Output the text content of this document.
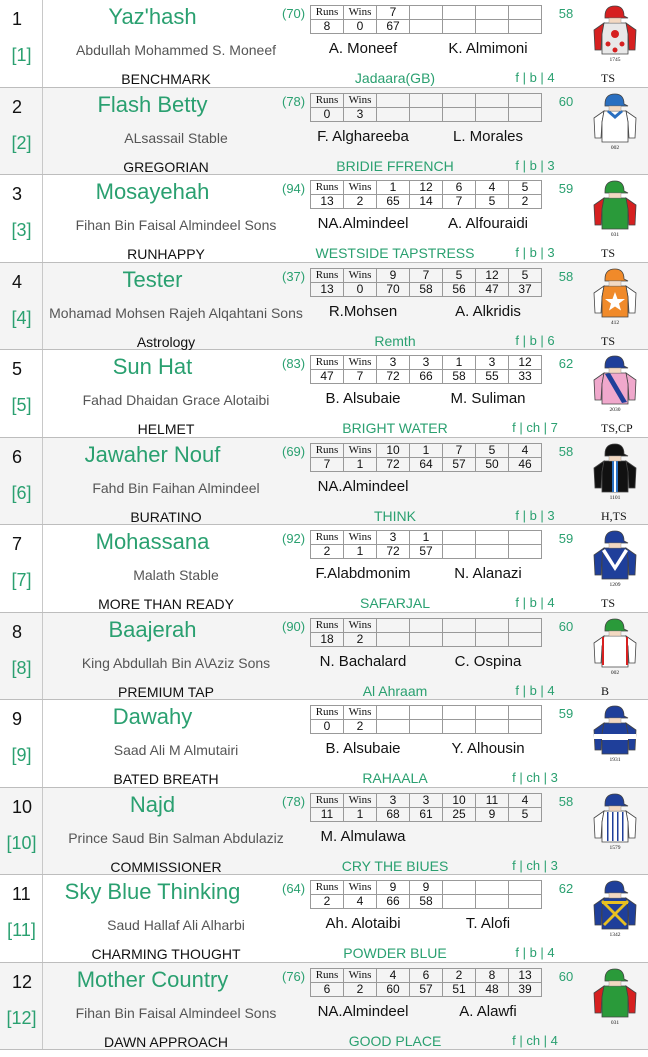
1
[1]
Yaz'hash	(70) Runs	Wins	7				
8	0	67				
58
Abdullah Mohammed S. Moneef	A. Moneef	K. Almimoni
BENCHMARK	Jadaara(GB)	f | b | 4
1745
TS
2
[2]
Flash Betty	(78) Runs	Wins					
0	3					
60
ALsassail Stable	F. Alghareeba	L. Morales
GREGORIAN	BRIDIE FFRENCH	f | b | 3
002
3
[3]
Mosayehah	(94) Runs	Wins	1	12	6	4	5
13	2	65	14	7	5	2
59
Fihan Bin Faisal Almindeel Sons	NA.Almindeel	A. Alfouraidi
RUNHAPPY	WESTSIDE TAPSTRESS	f | b | 3
031
TS
4
[4]
Tester	(37) Runs	Wins	9	7	5	12	5
13	0	70	58	56	47	37
58
Mohamad Mohsen Rajeh Alqahtani Sons	R.Mohsen	A. Alkridis
Astrology	Remth	f | b | 6
412
TS
5
[5]
Sun Hat	(83) Runs	Wins	3	3	1	3	12
47	7	72	66	58	55	33
62
Fahad Dhaidan Grace Alotaibi	B. Alsubaie	M. Suliman
HELMET	BRIGHT WATER	f | ch | 7
2030
TS,CP
6
[6]
Jawaher Nouf	(69) Runs	Wins	10	1	7	5	4
7	1	72	64	57	50	46
58
Fahd Bin Faihan Almindeel	NA.Almindeel
BURATINO	THINK	f | b | 3
1101
H,TS
7
[7]
Mohassana	(92) Runs	Wins	3	1			
2	1	72	57			
59
Malath Stable	F.Alabdmonim	N. Alanazi
MORE THAN READY	SAFARJAL	f | b | 4
1209
TS
8
[8]
Baajerah	(90) Runs	Wins					
18	2					
60
King Abdullah Bin A\Aziz Sons	N. Bachalard	C. Ospina
PREMIUM TAP	Al Ahraam	f | b | 4
002
B
9
[9]
Dawahy	Runs	Wins					
0	2					
59
Saad Ali M Almutairi	B. Alsubaie	Y. Alhousin
BATED BREATH	RAHAALA	f | ch | 3
1931
10
[10]
Najd	(78) Runs	Wins	3	3	10	11	4
11	1	68	61	25	9	5
58
Prince Saud Bin Salman Abdulaziz	M. Almulawa
COMMISSIONER	CRY THE BIUES	f | ch | 3
1579
11
[11]
Sky Blue Thinking	(64) Runs	Wins	9	9			
2	4	66	58			
62
Saud Hallaf Ali Alharbi	Ah. Alotaibi	T. Alofi
CHARMING THOUGHT	POWDER BLUE	f | b | 4
1342
12
[12]
Mother Country	(76) Runs	Wins	4	6	2	8	13
6	2	60	57	51	48	39
60
Fihan Bin Faisal Almindeel Sons	NA.Almindeel	A. Alawfi
DAWN APPROACH	GOOD PLACE	f | ch | 4
031
